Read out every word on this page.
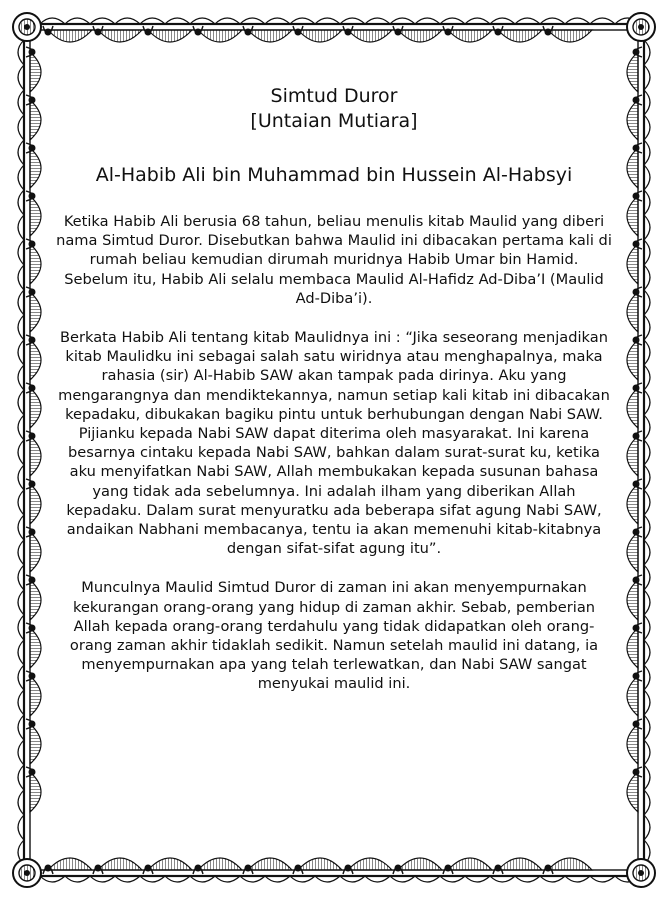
Simtud Duror
[Untaian Mutiara]
Al-Habib Ali bin Muhammad bin Hussein Al-Habsyi

Ketika Habib Ali berusia 68 tahun, beliau menulis kitab Maulid yang diberi nama Simtud Duror. Disebutkan bahwa Maulid ini dibacakan pertama kali di rumah beliau kemudian dirumah muridnya Habib Umar bin Hamid. Sebelum itu, Habib Ali selalu membaca Maulid Al-Hafidz Ad-Diba’I (Maulid Ad-Diba’i).

Berkata Habib Ali tentang kitab Maulidnya ini : “Jika seseorang menjadikan kitab Maulidku ini sebagai salah satu wiridnya atau menghapalnya, maka rahasia (sir) Al-Habib SAW akan tampak pada dirinya. Aku yang mengarangnya dan mendiktekannya, namun setiap kali kitab ini dibacakan kepadaku, dibukakan bagiku pintu untuk berhubungan dengan Nabi SAW. Pijianku kepada Nabi SAW dapat diterima oleh masyarakat. Ini karena besarnya cintaku kepada Nabi SAW, bahkan dalam surat-surat ku, ketika aku menyifatkan Nabi SAW, Allah membukakan kepada susunan bahasa yang tidak ada sebelumnya. Ini adalah ilham yang diberikan Allah kepadaku. Dalam surat menyuratku ada beberapa sifat agung Nabi SAW, andaikan Nabhani membacanya, tentu ia akan memenuhi kitab-kitabnya dengan sifat-sifat agung itu”.

Munculnya Maulid Simtud Duror di zaman ini akan menyempurnakan kekurangan orang-orang yang hidup di zaman akhir. Sebab, pemberian Allah kepada orang-orang terdahulu yang tidak didapatkan oleh orang-orang zaman akhir tidaklah sedikit. Namun setelah maulid ini datang, ia menyempurnakan apa yang telah terlewatkan, dan Nabi SAW sangat menyukai maulid ini.
